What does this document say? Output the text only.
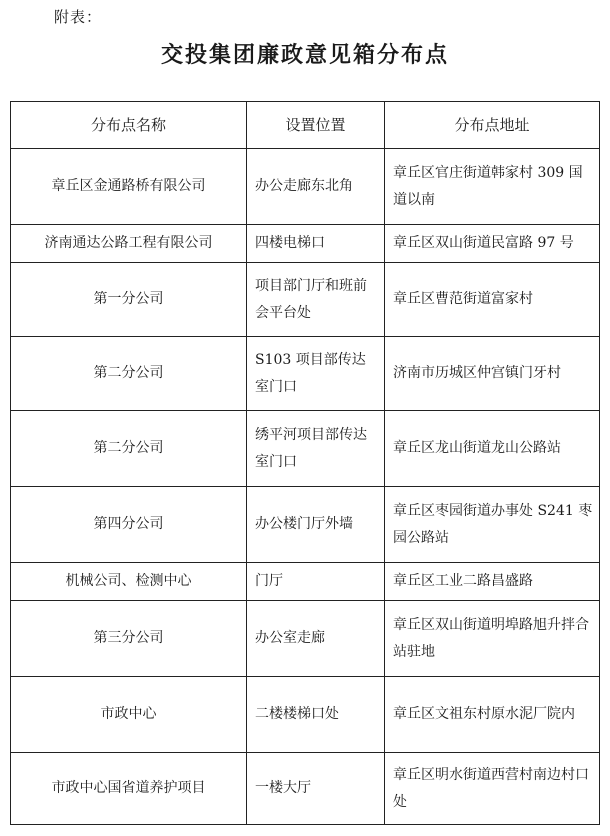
附表：
交投集团廉政意见箱分布点
分布点名称	设置位置	分布点地址
章丘区金通路桥有限公司	办公走廊东北角	章丘区官庄街道韩家村 309 国道以南
济南通达公路工程有限公司	四楼电梯口	章丘区双山街道民富路 97 号
第一分公司	项目部门厅和班前会平台处	章丘区曹范街道富家村
第二分公司	S103 项目部传达室门口	济南市历城区仲宫镇门牙村
第二分公司	绣平河项目部传达室门口	章丘区龙山街道龙山公路站
第四分公司	办公楼门厅外墙	章丘区枣园街道办事处 S241 枣园公路站
机械公司、检测中心	门厅	章丘区工业二路昌盛路
第三分公司	办公室走廊	章丘区双山街道明埠路旭升拌合站驻地
市政中心	二楼楼梯口处	章丘区文祖东村原水泥厂院内
市政中心国省道养护项目	一楼大厅	章丘区明水街道西营村南边村口处
